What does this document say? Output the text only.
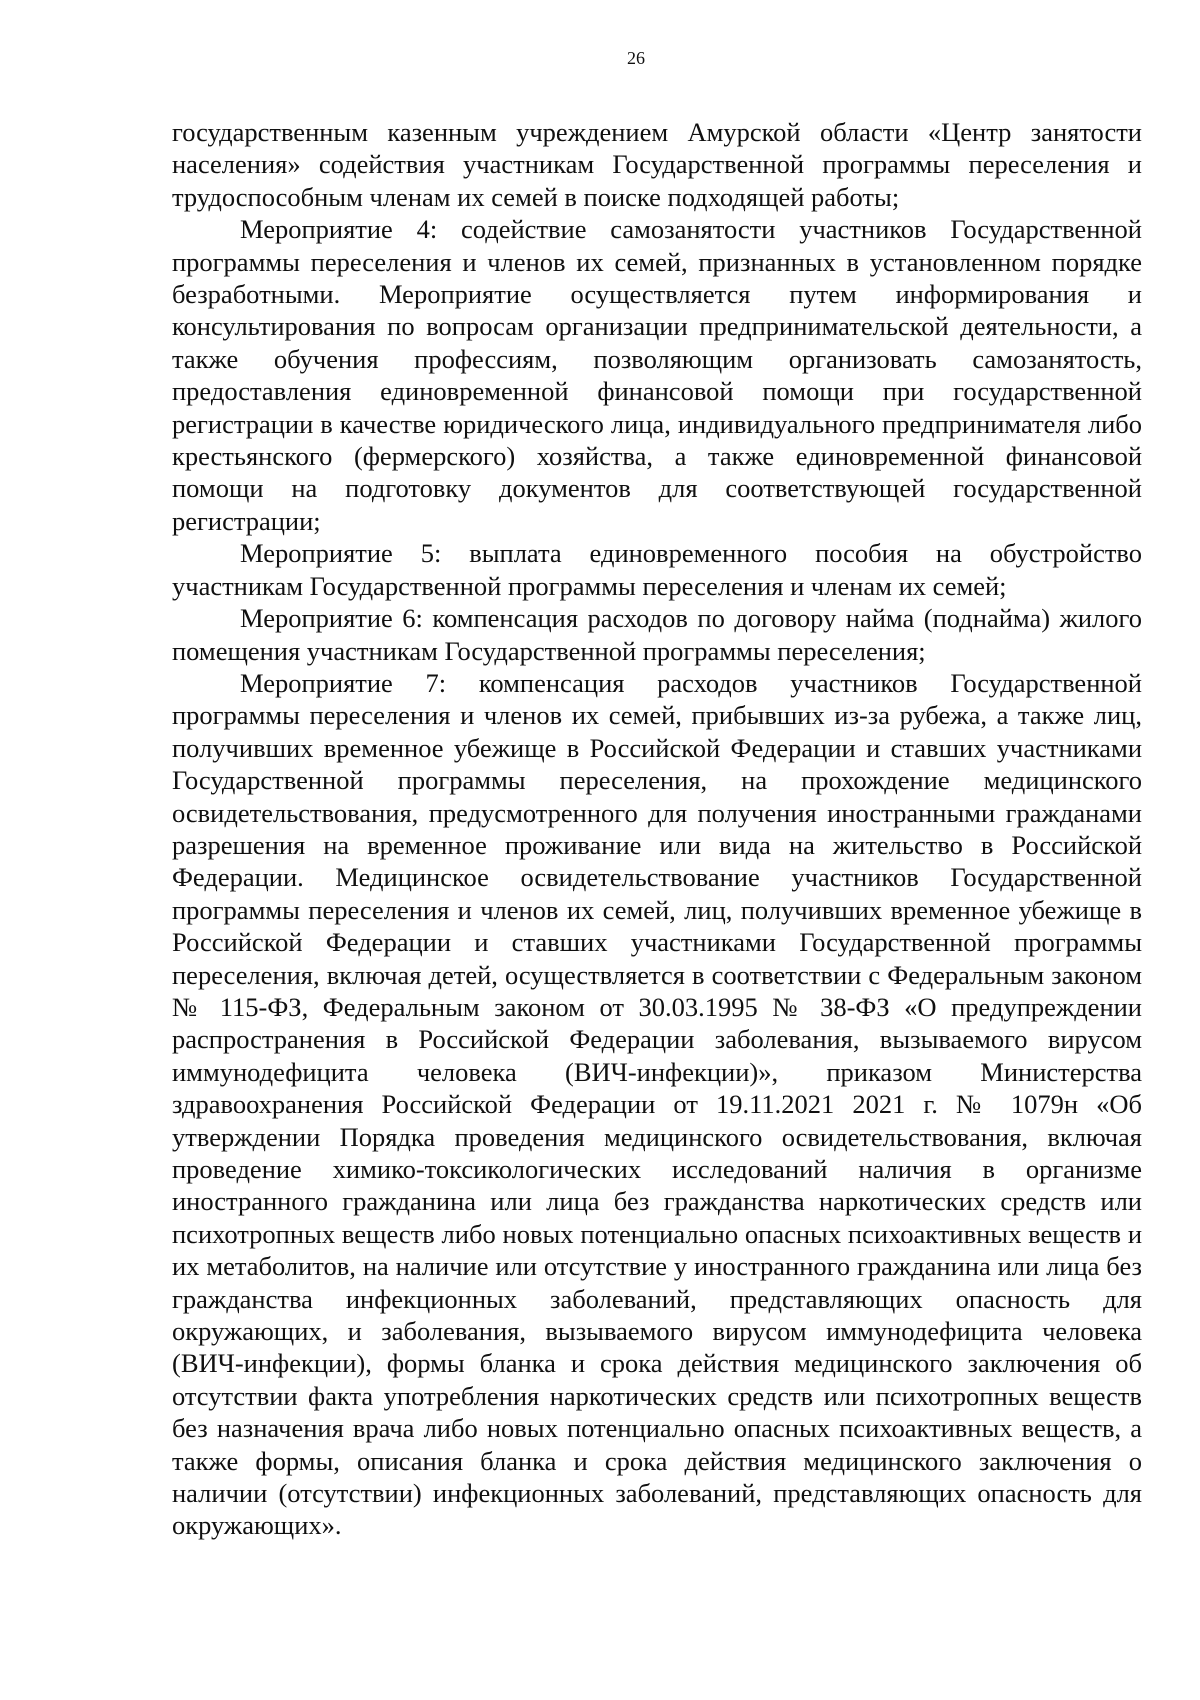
26

государственным казенным учреждением Амурской области «Центр занятости населения» содействия участникам Государственной программы переселения и трудоспособным членам их семей в поиске подходящей работы;

Мероприятие 4: содействие самозанятости участников Государственной программы переселения и членов их семей, признанных в установленном порядке безработными. Мероприятие осуществляется путем информирования и консультирования по вопросам организации предпринимательской деятельности, а также обучения профессиям, позволяющим организовать самозанятость, предоставления единовременной финансовой помощи при государственной регистрации в качестве юридического лица, индивидуального предпринимателя либо крестьянского (фермерского) хозяйства, а также единовременной финансовой помощи на подготовку документов для соответствующей государственной регистрации;

Мероприятие 5: выплата единовременного пособия на обустройство участникам Государственной программы переселения и членам их семей;

Мероприятие 6: компенсация расходов по договору найма (поднайма) жилого помещения участникам Государственной программы переселения;

Мероприятие 7: компенсация расходов участников Государственной программы переселения и членов их семей, прибывших из-за рубежа, а также лиц, получивших временное убежище в Российской Федерации и ставших участниками Государственной программы переселения, на прохождение медицинского освидетельствования, предусмотренного для получения иностранными гражданами разрешения на временное проживание или вида на жительство в Российской Федерации. Медицинское освидетельствование участников Государственной программы переселения и членов их семей, лиц, получивших временное убежище в Российской Федерации и ставших участниками Государственной программы переселения, включая детей, осуществляется в соответствии с Федеральным законом № 115-ФЗ, Федеральным законом от 30.03.1995 № 38-ФЗ «О предупреждении распространения в Российской Федерации заболевания, вызываемого вирусом иммунодефицита человека (ВИЧ-инфекции)», приказом Министерства здравоохранения Российской Федерации от 19.11.2021 2021 г. № 1079н «Об утверждении Порядка проведения медицинского освидетельствования, включая проведение химико-токсикологических исследований наличия в организме иностранного гражданина или лица без гражданства наркотических средств или психотропных веществ либо новых потенциально опасных психоактивных веществ и их метаболитов, на наличие или отсутствие у иностранного гражданина или лица без гражданства инфекционных заболеваний, представляющих опасность для окружающих, и заболевания, вызываемого вирусом иммунодефицита человека (ВИЧ-инфекции), формы бланка и срока действия медицинского заключения об отсутствии факта употребления наркотических средств или психотропных веществ без назначения врача либо новых потенциально опасных психоактивных веществ, а также формы, описания бланка и срока действия медицинского заключения о наличии (отсутствии) инфекционных заболеваний, представляющих опасность для окружающих».
